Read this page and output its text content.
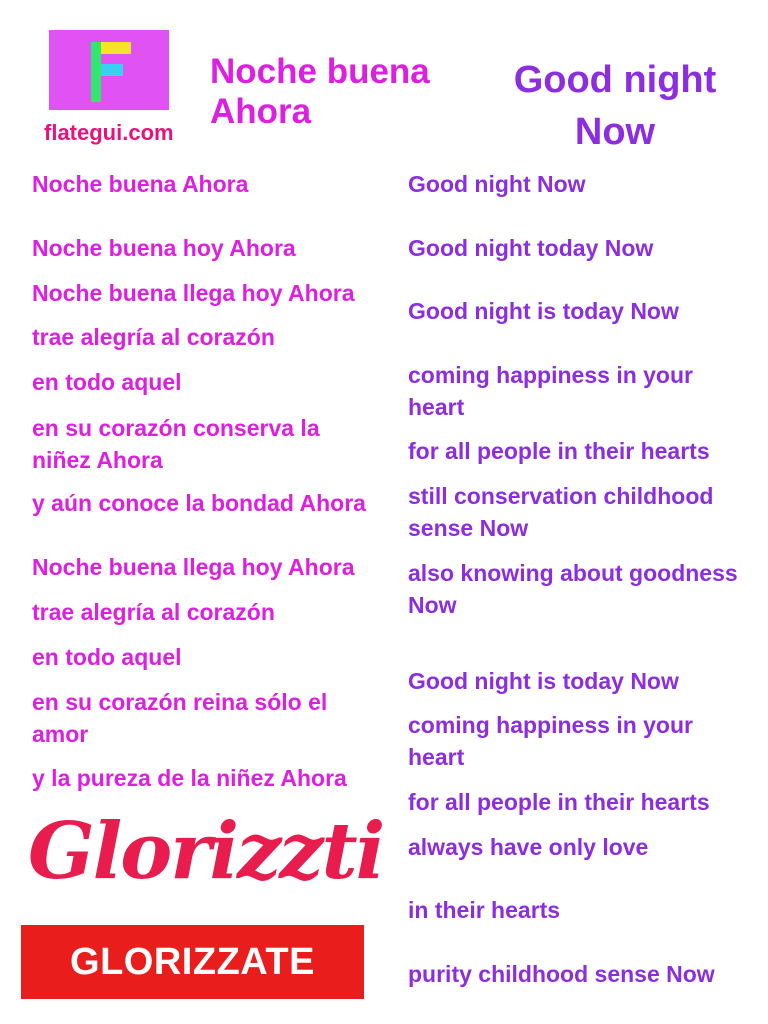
flategui.com
Noche buena
Ahora
Good night
Now
Noche buena Ahora
Noche buena hoy Ahora
Noche buena llega hoy Ahora
trae alegría al corazón
en todo aquel
en su corazón conserva la
niñez Ahora
y aún conoce la bondad Ahora
Noche buena llega hoy Ahora
trae alegría al corazón
en todo aquel
en su corazón reina sólo el
amor
y la pureza de la niñez Ahora
Good night Now
Good night today Now
Good night is today Now
coming happiness in your
heart
for all people in their hearts
still conservation childhood
sense Now
also knowing about goodness
Now
Good night is today Now
coming happiness in your
heart
for all people in their hearts
always have only love
in their hearts
purity childhood sense Now
Glorizzti
GLORIZZATE
